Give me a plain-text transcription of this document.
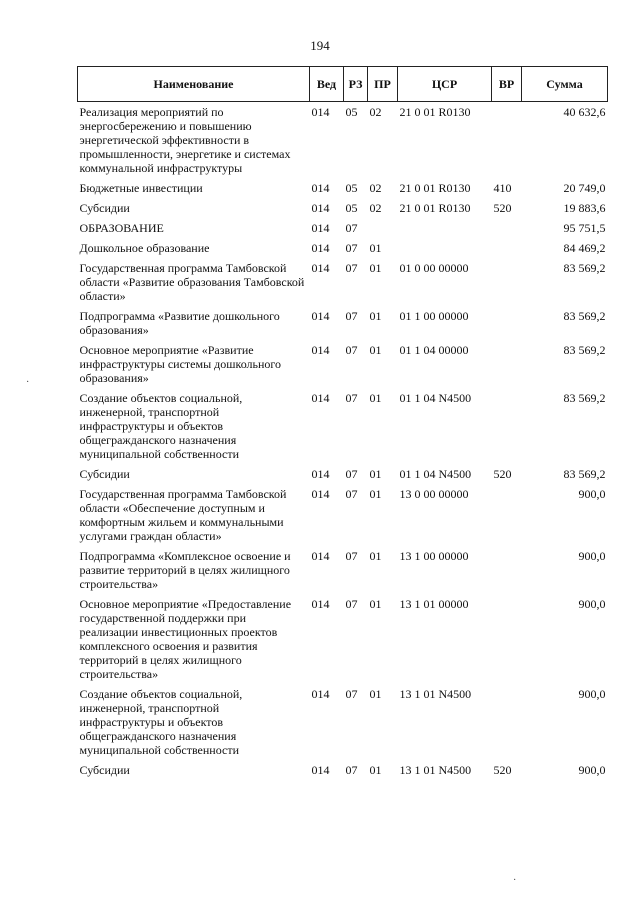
194
Наименование	Вед	РЗ	ПР	ЦСР	ВР	Сумма
Реализация мероприятий по энергосбережению и повышению энергетической эффективности в промышленности, энергетике и системах коммунальной инфраструктуры	014	05	02	21 0 01 R0130		40 632,6
Бюджетные инвестиции	014	05	02	21 0 01 R0130	410	20 749,0
Субсидии	014	05	02	21 0 01 R0130	520	19 883,6
ОБРАЗОВАНИЕ	014	07				95 751,5
Дошкольное образование	014	07	01			84 469,2
Государственная программа Тамбовской области «Развитие образования Тамбовской области»	014	07	01	01 0 00 00000		83 569,2
Подпрограмма «Развитие дошкольного образования»	014	07	01	01 1 00 00000		83 569,2
Основное мероприятие «Развитие инфраструктуры системы дошкольного образования»	014	07	01	01 1 04 00000		83 569,2
Создание объектов социальной, инженерной, транспортной инфраструктуры и объектов общегражданского назначения муниципальной собственности	014	07	01	01 1 04 N4500		83 569,2
Субсидии	014	07	01	01 1 04 N4500	520	83 569,2
Государственная программа Тамбовской области «Обеспечение доступным и комфортным жильем и коммунальными услугами граждан области»	014	07	01	13 0 00 00000		900,0
Подпрограмма «Комплексное освоение и развитие территорий в целях жилищного строительства»	014	07	01	13 1 00 00000		900,0
Основное мероприятие «Предоставление государственной поддержки при реализации инвестиционных проектов комплексного освоения и развития территорий в целях жилищного строительства»	014	07	01	13 1 01 00000		900,0
Создание объектов социальной, инженерной, транспортной инфраструктуры и объектов общегражданского назначения муниципальной собственности	014	07	01	13 1 01 N4500		900,0
Субсидии	014	07	01	13 1 01 N4500	520	900,0
·
·
